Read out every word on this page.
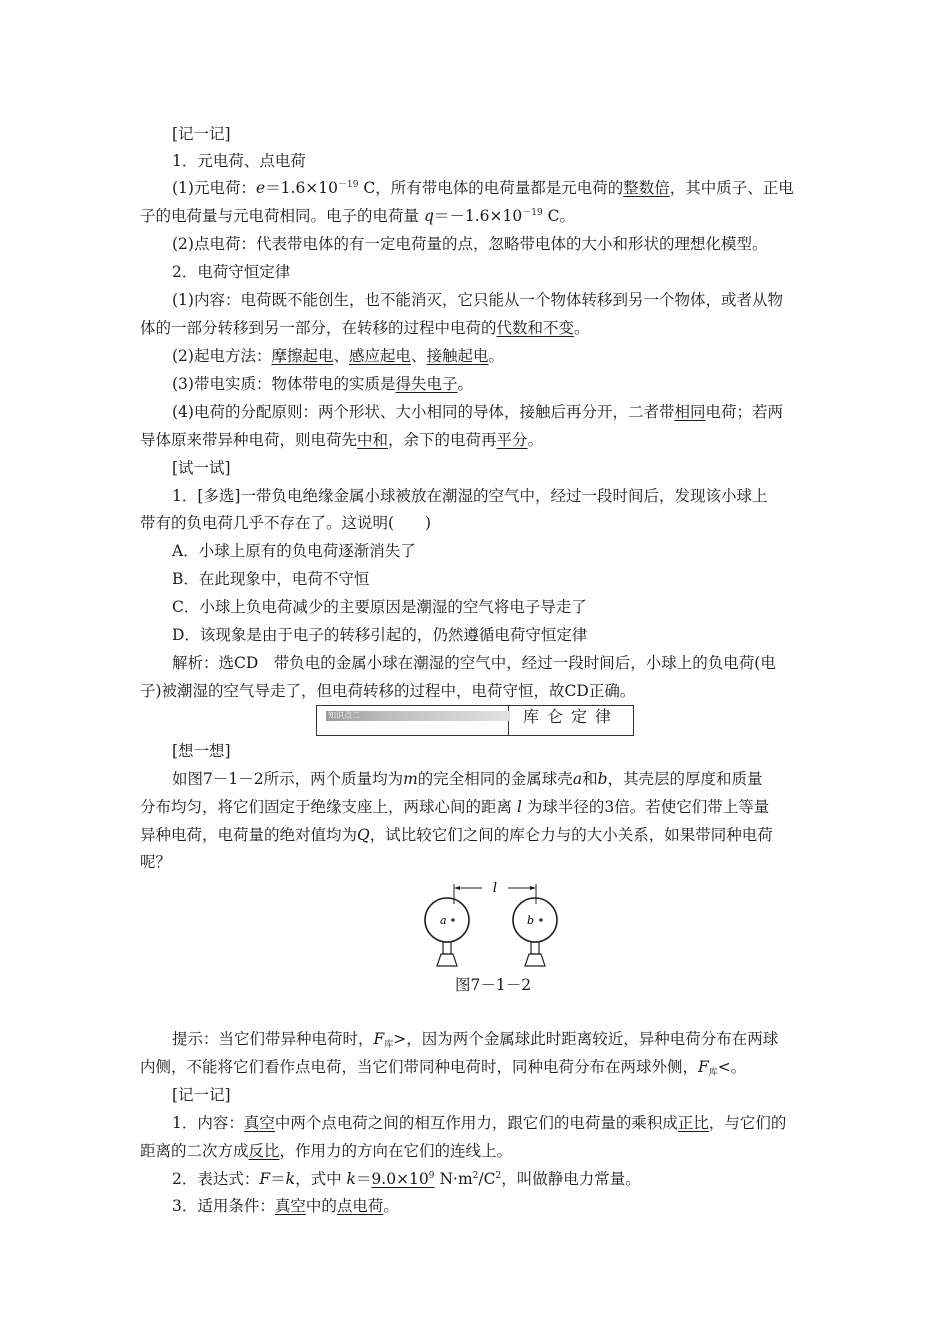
[记一记]
1．元电荷、点电荷
(1)元电荷：$e=1.6\times 10^{-19}$ C，所有带电体的电荷量都是元电荷的整数倍，其中质子、正电
子的电荷量与元电荷相同。电子的电荷量 $q=-1.6\times 10^{-19}$ C。
(2)点电荷：代表带电体的有一定电荷量的点，忽略带电体的大小和形状的理想化模型。
2．电荷守恒定律
(1)内容：电荷既不能创生，也不能消灭，它只能从一个物体转移到另一个物体，或者从物
体的一部分转移到另一部分，在转移的过程中电荷的代数和不变。
(2)起电方法：摩擦起电、感应起电、接触起电。
(3)带电实质：物体带电的实质是得失电子。
(4)电荷的分配原则：两个形状、大小相同的导体，接触后再分开，二者带相同电荷；若两
导体原来带异种电荷，则电荷先中和，余下的电荷再平分。
[试一试]
1．[多选]一带负电绝缘金属小球被放在潮湿的空气中，经过一段时间后，发现该小球上
带有的负电荷几乎不存在了。这说明(　　)
A．小球上原有的负电荷逐渐消失了
B．在此现象中，电荷不守恒
C．小球上负电荷减少的主要原因是潮湿的空气将电子导走了
D．该现象是由于电子的转移引起的，仍然遵循电荷守恒定律
解析：选CD　带负电的金属小球在潮湿的空气中，经过一段时间后，小球上的负电荷(电
子)被潮湿的空气导走了，但电荷转移的过程中，电荷守恒，故CD正确。
知识点二	库仑定律
[想一想]
如图7－1－2所示，两个质量均为m的完全相同的金属球壳a和b，其壳层的厚度和质量
分布均匀，将它们固定于绝缘支座上，两球心间的距离 l 为球半径的3倍。若使它们带上等量
异种电荷，电荷量的绝对值均为Q，试比较它们之间的库仑力与的大小关系，如果带同种电荷
呢？
l
a	b
图7－1－2
提示：当它们带异种电荷时，$F_库>$，因为两个金属球此时距离较近，异种电荷分布在两球
内侧，不能将它们看作点电荷，当它们带同种电荷时，同种电荷分布在两球外侧，$F_库<$。
[记一记]
1．内容：真空中两个点电荷之间的相互作用力，跟它们的电荷量的乘积成正比，与它们的
距离的二次方成反比，作用力的方向在它们的连线上。
2．表达式：F＝k，式中 $k=9.0\times 10^9$ $N\cdot m^2/C^2$，叫做静电力常量。
3．适用条件：真空中的点电荷。
